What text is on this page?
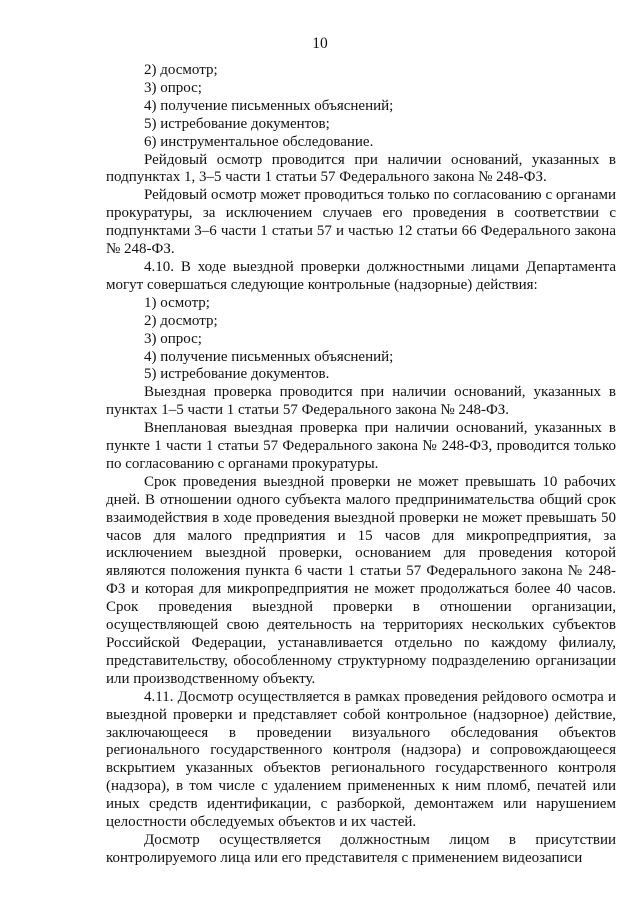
10

2) досмотр;

3) опрос;

4) получение письменных объяснений;

5) истребование документов;

6) инструментальное обследование.

Рейдовый осмотр проводится при наличии оснований, указанных в подпунктах 1, 3–5 части 1 статьи 57 Федерального закона № 248-ФЗ.

Рейдовый осмотр может проводиться только по согласованию с органами прокуратуры, за исключением случаев его проведения в соответствии с подпунктами 3–6 части 1 статьи 57 и частью 12 статьи 66 Федерального закона № 248-ФЗ.

4.10. В ходе выездной проверки должностными лицами Департамента могут совершаться следующие контрольные (надзорные) действия:

1) осмотр;

2) досмотр;

3) опрос;

4) получение письменных объяснений;

5) истребование документов.

Выездная проверка проводится при наличии оснований, указанных в пунктах 1–5 части 1 статьи 57 Федерального закона № 248-ФЗ.

Внеплановая выездная проверка при наличии оснований, указанных в пункте 1 части 1 статьи 57 Федерального закона № 248-ФЗ, проводится только по согласованию с органами прокуратуры.

Срок проведения выездной проверки не может превышать 10 рабочих дней. В отношении одного субъекта малого предпринимательства общий срок взаимодействия в ходе проведения выездной проверки не может превышать 50 часов для малого предприятия и 15 часов для микропредприятия, за исключением выездной проверки, основанием для проведения которой являются положения пункта 6 части 1 статьи 57 Федерального закона № 248-ФЗ и которая для микропредприятия не может продолжаться более 40 часов. Срок проведения выездной проверки в отношении организации, осуществляющей свою деятельность на территориях нескольких субъектов Российской Федерации, устанавливается отдельно по каждому филиалу, представительству, обособленному структурному подразделению организации или производственному объекту.

4.11. Досмотр осуществляется в рамках проведения рейдового осмотра и выездной проверки и представляет собой контрольное (надзорное) действие, заключающееся в проведении визуального обследования объектов регионального государственного контроля (надзора) и сопровождающееся вскрытием указанных объектов регионального государственного контроля (надзора), в том числе с удалением примененных к ним пломб, печатей или иных средств идентификации, с разборкой, демонтажем или нарушением целостности обследуемых объектов и их частей.

Досмотр осуществляется должностным лицом в присутствии контролируемого лица или его представителя с применением видеозаписи
